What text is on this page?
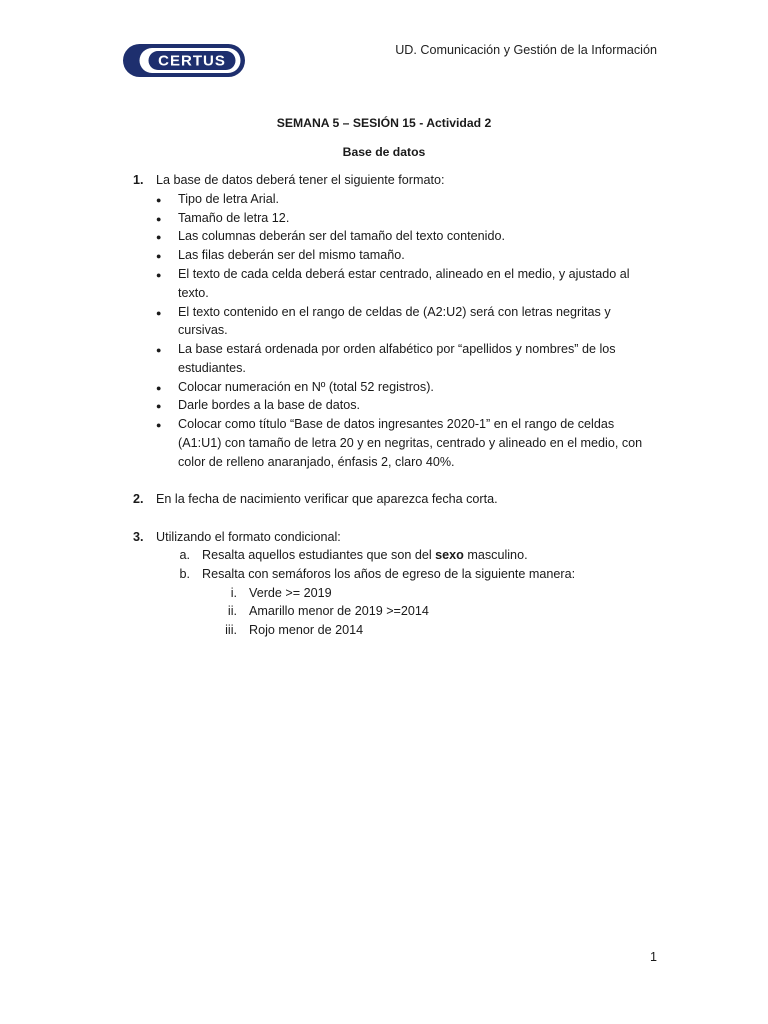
CERTUS
UD. Comunicación y Gestión de la Información
SEMANA 5 – SESIÓN 15 - Actividad 2
Base de datos
1. La base de datos deberá tener el siguiente formato:
● Tipo de letra Arial.
● Tamaño de letra 12.
● Las columnas deberán ser del tamaño del texto contenido.
● Las filas deberán ser del mismo tamaño.
● El texto de cada celda deberá estar centrado, alineado en el medio, y ajustado al
texto.
● El texto contenido en el rango de celdas de (A2:U2) será con letras negritas y
cursivas.
● La base estará ordenada por orden alfabético por “apellidos y nombres” de los
estudiantes.
● Colocar numeración en Nº (total 52 registros).
● Darle bordes a la base de datos.
● Colocar como título “Base de datos ingresantes 2020-1” en el rango de celdas
(A1:U1) con tamaño de letra 20 y en negritas, centrado y alineado en el medio, con
color de relleno anaranjado, énfasis 2, claro 40%.
2. En la fecha de nacimiento verificar que aparezca fecha corta.
3. Utilizando el formato condicional:
a. Resalta aquellos estudiantes que son del sexo masculino.
b. Resalta con semáforos los años de egreso de la siguiente manera:
i. Verde >= 2019
ii. Amarillo menor de 2019 >=2014
iii. Rojo menor de 2014
1
